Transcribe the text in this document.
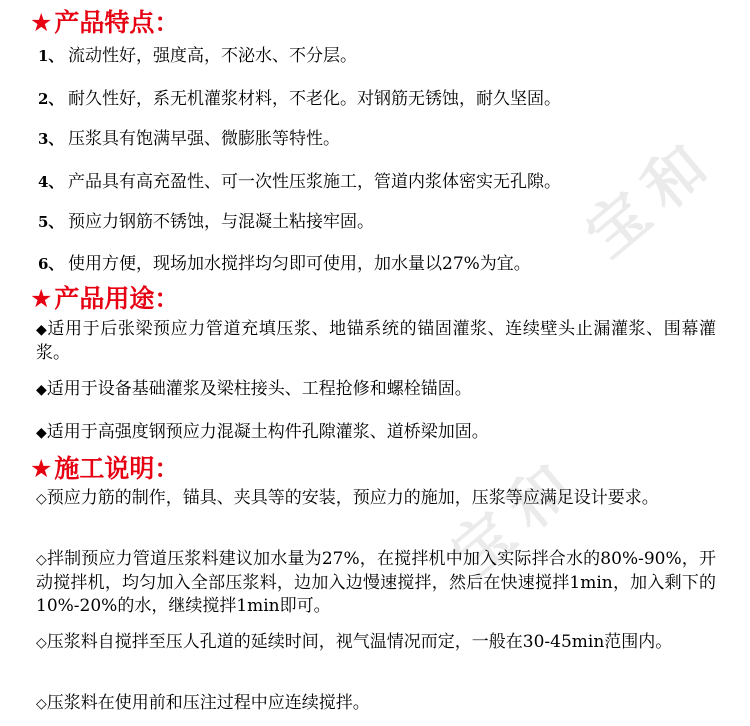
宝和
宝和
★产品特点：
1、 流动性好，强度高，不泌水、不分层。
2、 耐久性好，系无机灌浆材料，不老化。对钢筋无锈蚀，耐久坚固。
3、 压浆具有饱满早强、微膨胀等特性。
4、 产品具有高充盈性、可一次性压浆施工，管道内浆体密实无孔隙。
5、 预应力钢筋不锈蚀，与混凝土粘接牢固。
6、 使用方便，现场加水搅拌均匀即可使用，加水量以27%为宜。
★产品用途：
◆适用于后张梁预应力管道充填压浆、地锚系统的锚固灌浆、连续壁头止漏灌浆、围幕灌浆。
◆适用于设备基础灌浆及梁柱接头、工程抢修和螺栓锚固。
◆适用于高强度钢预应力混凝土构件孔隙灌浆、道桥梁加固。
★施工说明：
◇预应力筋的制作，锚具、夹具等的安装，预应力的施加，压浆等应满足设计要求。
◇拌制预应力管道压浆料建议加水量为27%，在搅拌机中加入实际拌合水的80%-90%，开动搅拌机，均匀加入全部压浆料，边加入边慢速搅拌，然后在快速搅拌1min，加入剩下的10%-20%的水，继续搅拌1min即可。
◇压浆料自搅拌至压人孔道的延续时间，视气温情况而定，一般在30-45min范围内。
◇压浆料在使用前和压注过程中应连续搅拌。
